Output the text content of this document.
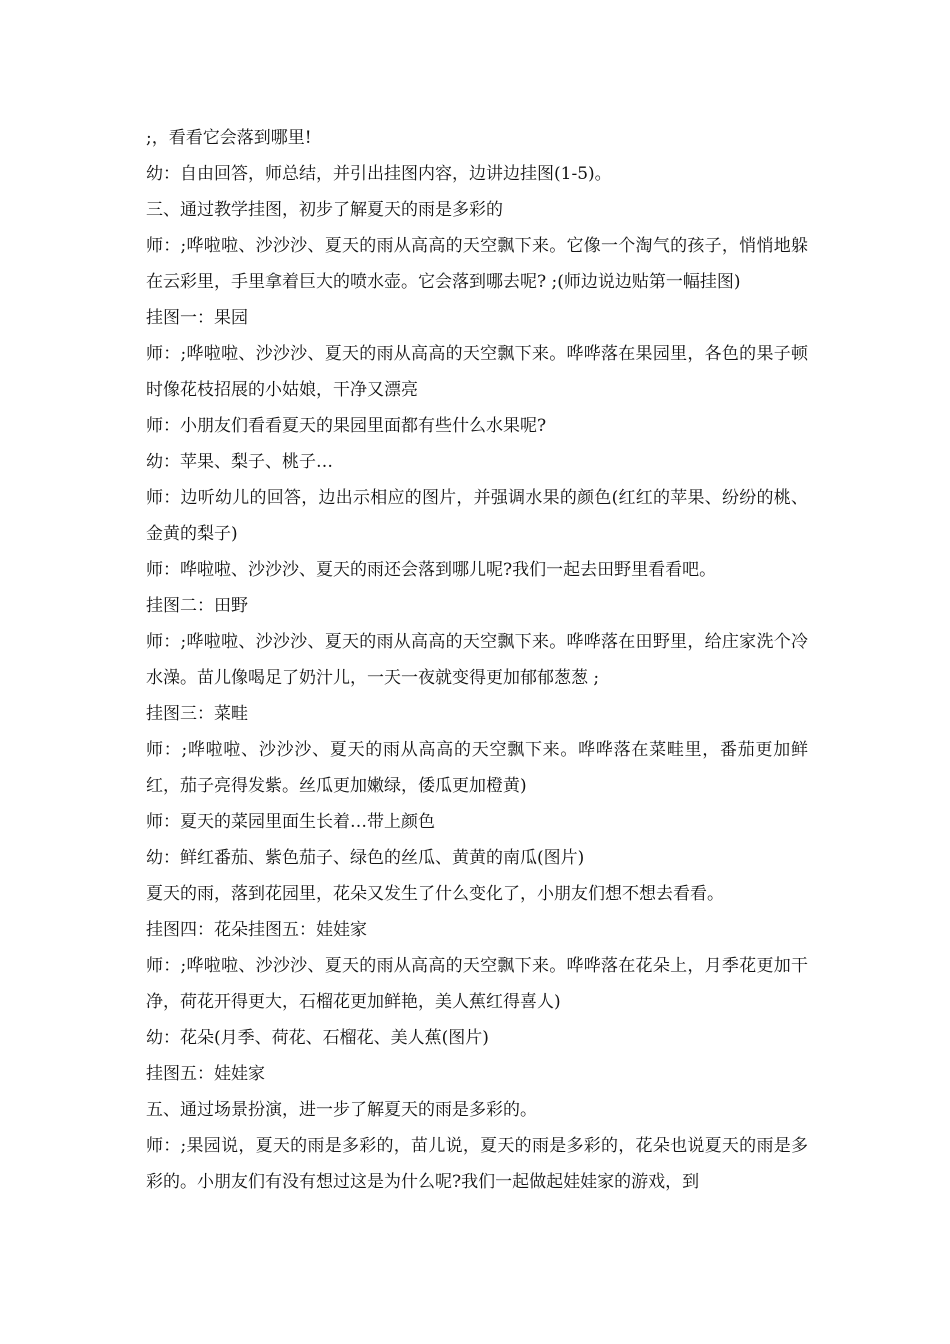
;，看看它会落到哪里!

幼：自由回答，师总结，并引出挂图内容，边讲边挂图(1-5)。

三、通过教学挂图，初步了解夏天的雨是多彩的

师：;哗啦啦、沙沙沙、夏天的雨从高高的天空飘下来。它像一个淘气的孩子，悄悄地躲在云彩里，手里拿着巨大的喷水壶。它会落到哪去呢? ;(师边说边贴第一幅挂图)

挂图一：果园

师：;哗啦啦、沙沙沙、夏天的雨从高高的天空飘下来。哗哗落在果园里，各色的果子顿时像花枝招展的小姑娘，干净又漂亮

师：小朋友们看看夏天的果园里面都有些什么水果呢?

幼：苹果、梨子、桃子…

师：边听幼儿的回答，边出示相应的图片，并强调水果的颜色(红红的苹果、纷纷的桃、金黄的梨子)

师：哗啦啦、沙沙沙、夏天的雨还会落到哪儿呢?我们一起去田野里看看吧。

挂图二：田野

师：;哗啦啦、沙沙沙、夏天的雨从高高的天空飘下来。哗哗落在田野里，给庄家洗个冷水澡。苗儿像喝足了奶汁儿，一天一夜就变得更加郁郁葱葱 ;

挂图三：菜畦

师：;哗啦啦、沙沙沙、夏天的雨从高高的天空飘下来。哗哗落在菜畦里，番茄更加鲜红，茄子亮得发紫。丝瓜更加嫩绿，倭瓜更加橙黄)

师：夏天的菜园里面生长着…带上颜色

幼：鲜红番茄、紫色茄子、绿色的丝瓜、黄黄的南瓜(图片)

夏天的雨，落到花园里，花朵又发生了什么变化了，小朋友们想不想去看看。

挂图四：花朵挂图五：娃娃家

师：;哗啦啦、沙沙沙、夏天的雨从高高的天空飘下来。哗哗落在花朵上，月季花更加干净，荷花开得更大，石榴花更加鲜艳，美人蕉红得喜人)

幼：花朵(月季、荷花、石榴花、美人蕉(图片)

挂图五：娃娃家

五、通过场景扮演，进一步了解夏天的雨是多彩的。

师：;果园说，夏天的雨是多彩的，苗儿说，夏天的雨是多彩的，花朵也说夏天的雨是多彩的。小朋友们有没有想过这是为什么呢?我们一起做起娃娃家的游戏，到
